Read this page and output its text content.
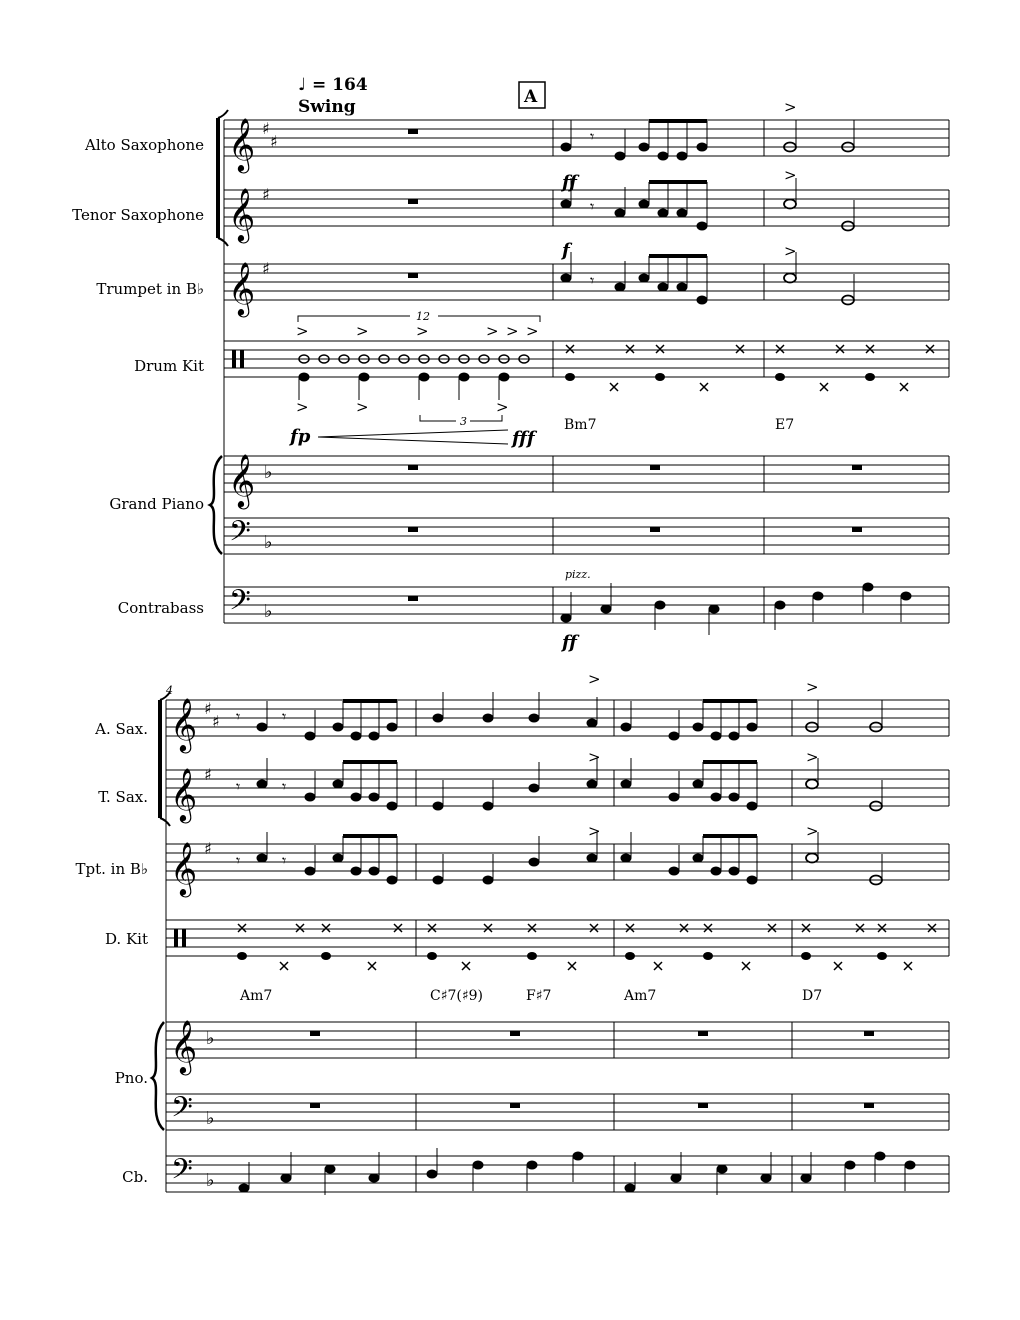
♩ = 164
Swing	A
Alto Saxophone
Tenor Saxophone
Trumpet in B♭
Drum Kit
Grand Piano
Contrabass
𝄞 ♯
♯
𝄞 ♯
𝄞 ♯
𝄞 ♭
𝄢 ♭
𝄢 ♭
𝄾
>
ff
𝄾
>
f
𝄾
>
>	>	>	> > >
>	>	>
12
3
fp	fff
Bm7	E7
pizz.
ff
4
A. Sax.
T. Sax.
Tpt. in B♭
D. Kit
Pno.
Cb.
𝄞 ♯
♯
𝄞 ♯
𝄞 ♯
𝄞 ♭
𝄢 ♭
𝄢 ♭
𝄾	𝄾
>	>
𝄾	𝄾
>	>
𝄾	𝄾
>	>
Am7	C♯7(♯9)	F♯7	Am7	D7
